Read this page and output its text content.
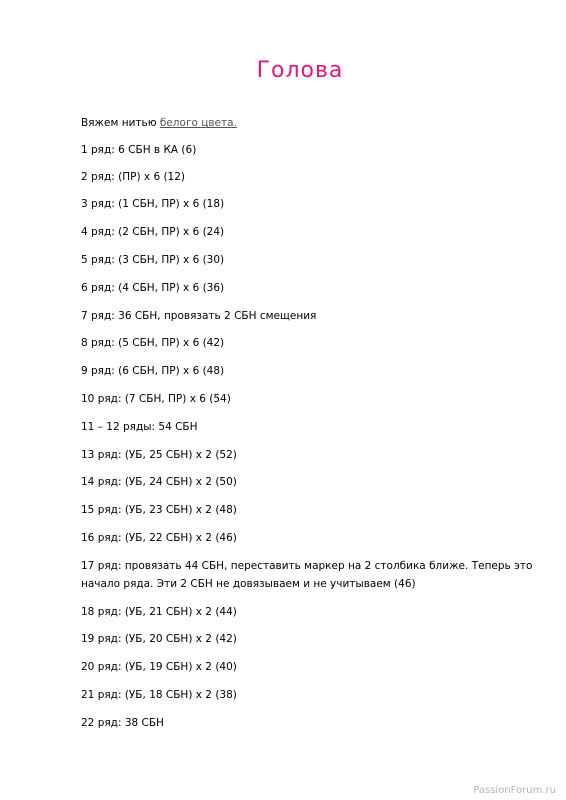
Голова
Вяжем нитью белого цвета.
1 ряд: 6 СБН в КА (6)
2 ряд: (ПР) х 6 (12)
3 ряд: (1 СБН, ПР) х 6 (18)
4 ряд: (2 СБН, ПР) х 6 (24)
5 ряд: (3 СБН, ПР) х 6 (30)
6 ряд: (4 СБН, ПР) х 6 (36)
7 ряд: 36 СБН, провязать 2 СБН смещения
8 ряд: (5 СБН, ПР) х 6 (42)
9 ряд: (6 СБН, ПР) х 6 (48)
10 ряд: (7 СБН, ПР) х 6 (54)
11 – 12 ряды: 54 СБН
13 ряд: (УБ, 25 СБН) х 2 (52)
14 ряд: (УБ, 24 СБН) х 2 (50)
15 ряд: (УБ, 23 СБН) х 2 (48)
16 ряд: (УБ, 22 СБН) х 2 (46)
17 ряд: провязать 44 СБН, переставить маркер на 2 столбика ближе. Теперь это
начало ряда. Эти 2 СБН не довязываем и не учитываем (46)
18 ряд: (УБ, 21 СБН) х 2 (44)
19 ряд: (УБ, 20 СБН) х 2 (42)
20 ряд: (УБ, 19 СБН) х 2 (40)
21 ряд: (УБ, 18 СБН) х 2 (38)
22 ряд: 38 СБН
PassionForum.ru
